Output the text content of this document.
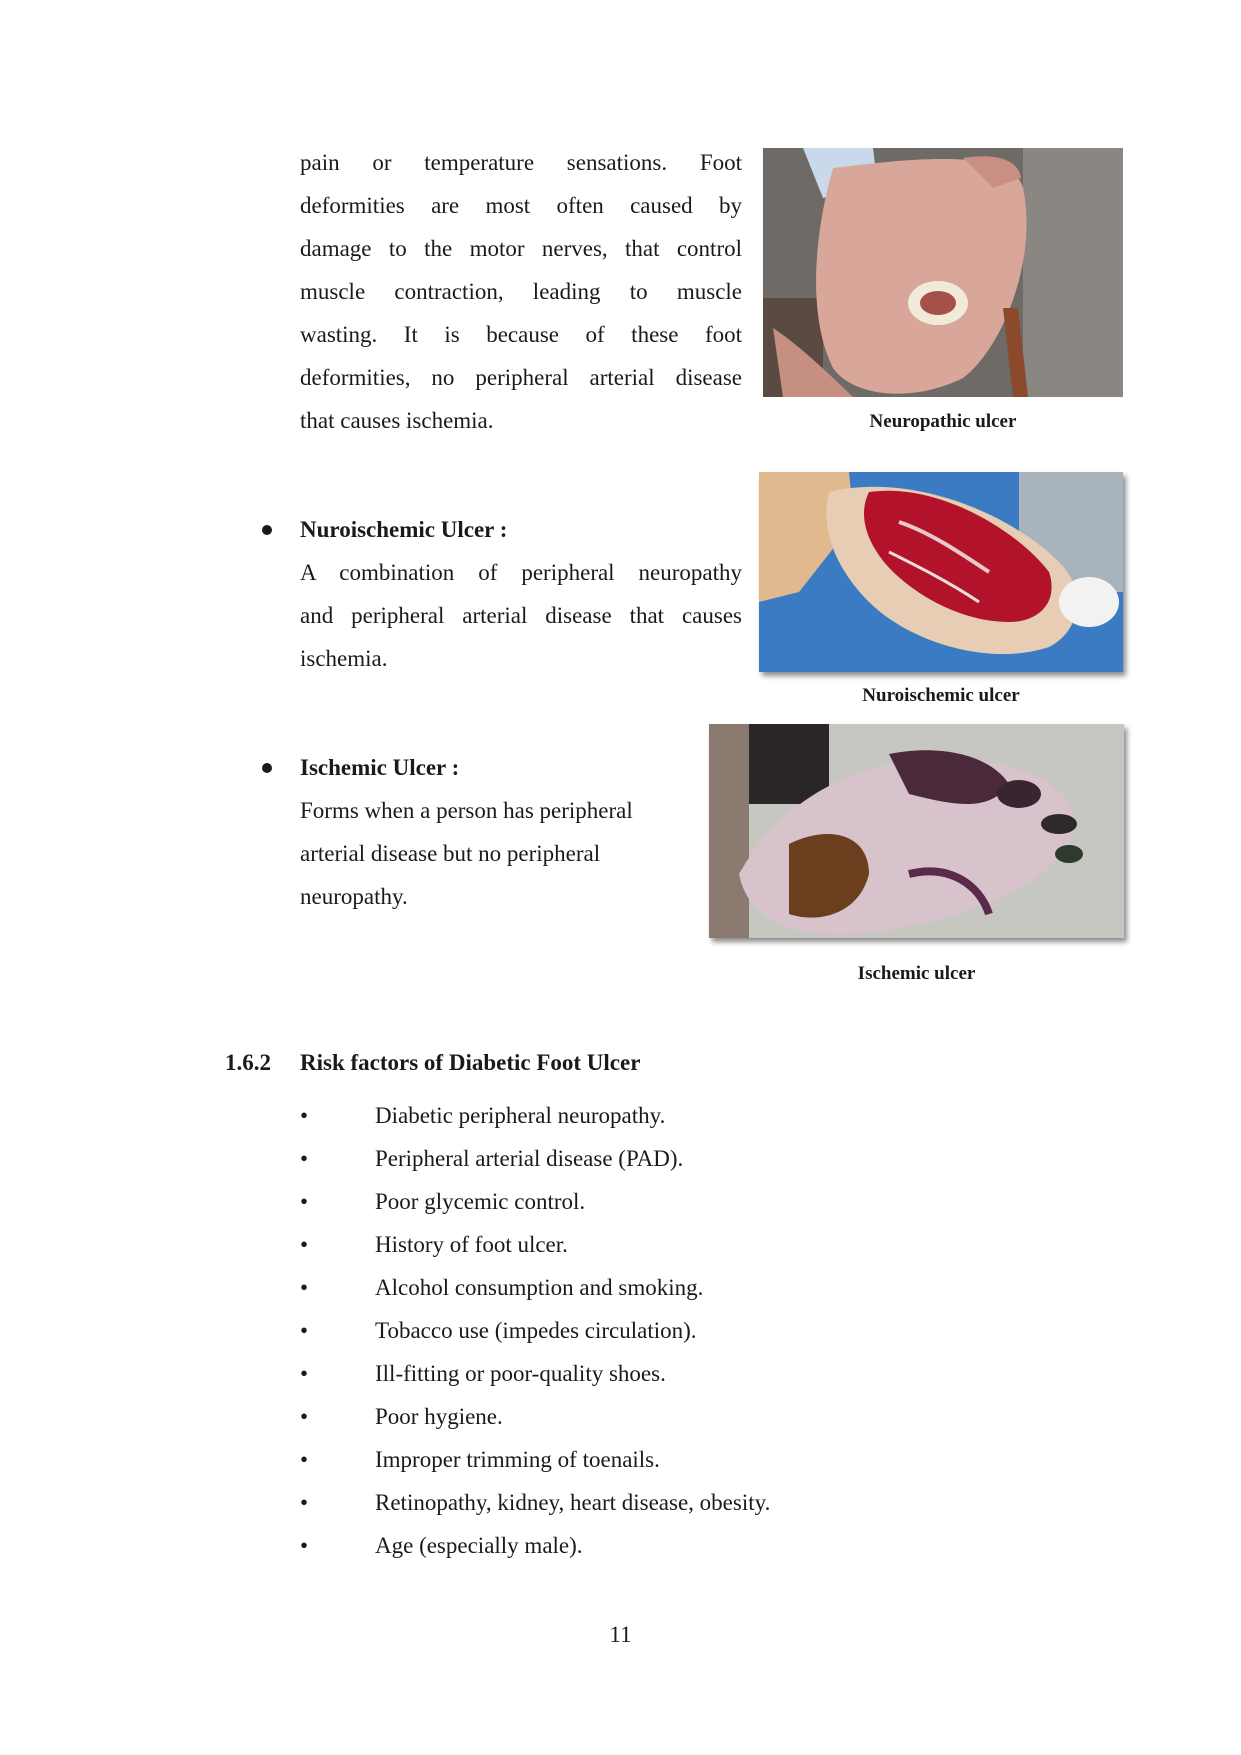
pain or temperature sensations. Foot
deformities are most often caused by
damage to the motor nerves, that control
muscle contraction, leading to muscle
wasting. It is because of these foot
deformities, no peripheral arterial disease
that causes ischemia.	Neuropathic ulcer
Nuroischemic Ulcer :
A combination of peripheral neuropathy
and peripheral arterial disease that causes
ischemia.
Nuroischemic ulcer
Ischemic Ulcer :
Forms when a person has peripheral
arterial disease but no peripheral
neuropathy.
Ischemic ulcer
1.6.2 Risk factors of Diabetic Foot Ulcer
•	Diabetic peripheral neuropathy.
•	Peripheral arterial disease (PAD).
•	Poor glycemic control.
•	History of foot ulcer.
•	Alcohol consumption and smoking.
•	Tobacco use (impedes circulation).
•	Ill-fitting or poor-quality shoes.
•	Poor hygiene.
•	Improper trimming of toenails.
•	Retinopathy, kidney, heart disease, obesity.
•	Age (especially male).
11
